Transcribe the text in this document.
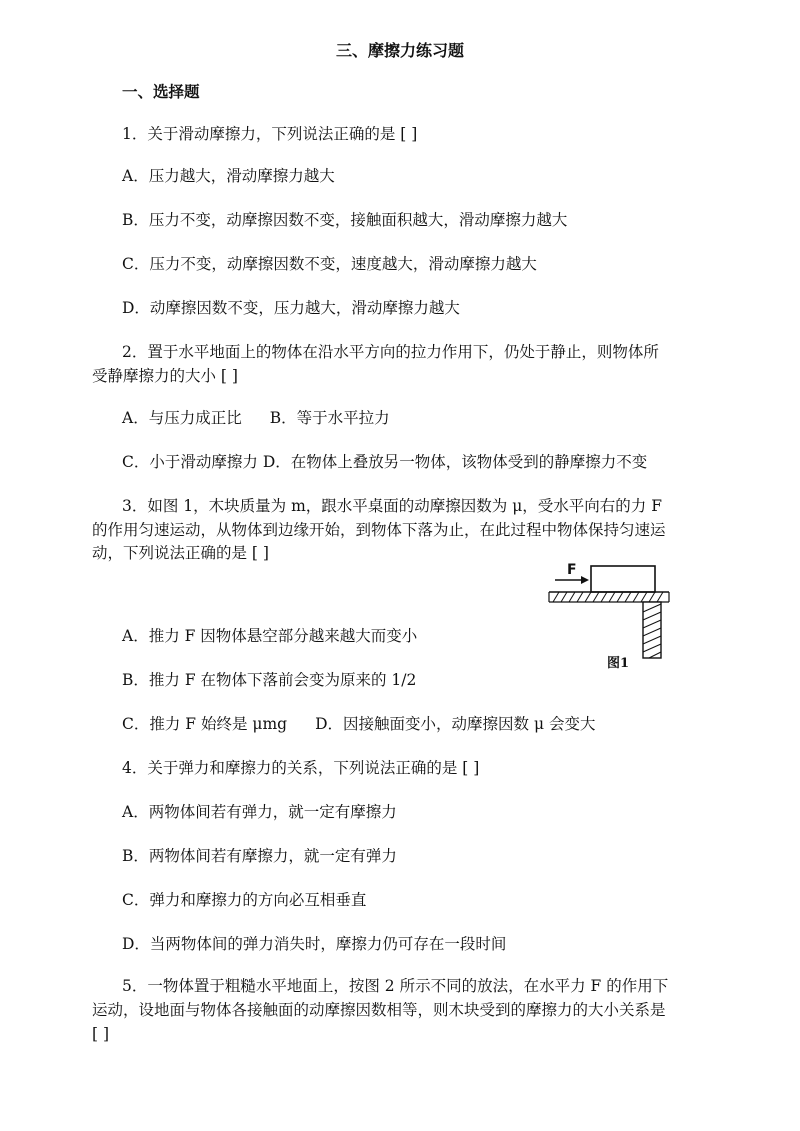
三、摩擦力练习题
一、选择题
1．关于滑动摩擦力，下列说法正确的是 [ ]
A．压力越大，滑动摩擦力越大
B．压力不变，动摩擦因数不变，接触面积越大，滑动摩擦力越大
C．压力不变，动摩擦因数不变，速度越大，滑动摩擦力越大
D．动摩擦因数不变，压力越大，滑动摩擦力越大
2．置于水平地面上的物体在沿水平方向的拉力作用下，仍处于静止，则物体所
受静摩擦力的大小 [ ]
A．与压力成正比 B．等于水平拉力
C．小于滑动摩擦力 D．在物体上叠放另一物体，该物体受到的静摩擦力不变
3．如图 1，木块质量为 m，跟水平桌面的动摩擦因数为 μ，受水平向右的力 F
的作用匀速运动，从物体到边缘开始，到物体下落为止，在此过程中物体保持匀速运
动，下列说法正确的是 [ ]
F
图1
A．推力 F 因物体悬空部分越来越大而变小
B．推力 F 在物体下落前会变为原来的 1/2
C．推力 F 始终是 μmg D．因接触面变小，动摩擦因数 μ 会变大
4．关于弹力和摩擦力的关系，下列说法正确的是 [ ]
A．两物体间若有弹力，就一定有摩擦力
B．两物体间若有摩擦力，就一定有弹力
C．弹力和摩擦力的方向必互相垂直
D．当两物体间的弹力消失时，摩擦力仍可存在一段时间
5．一物体置于粗糙水平地面上，按图 2 所示不同的放法，在水平力 F 的作用下
运动，设地面与物体各接触面的动摩擦因数相等，则木块受到的摩擦力的大小关系是
[ ]
